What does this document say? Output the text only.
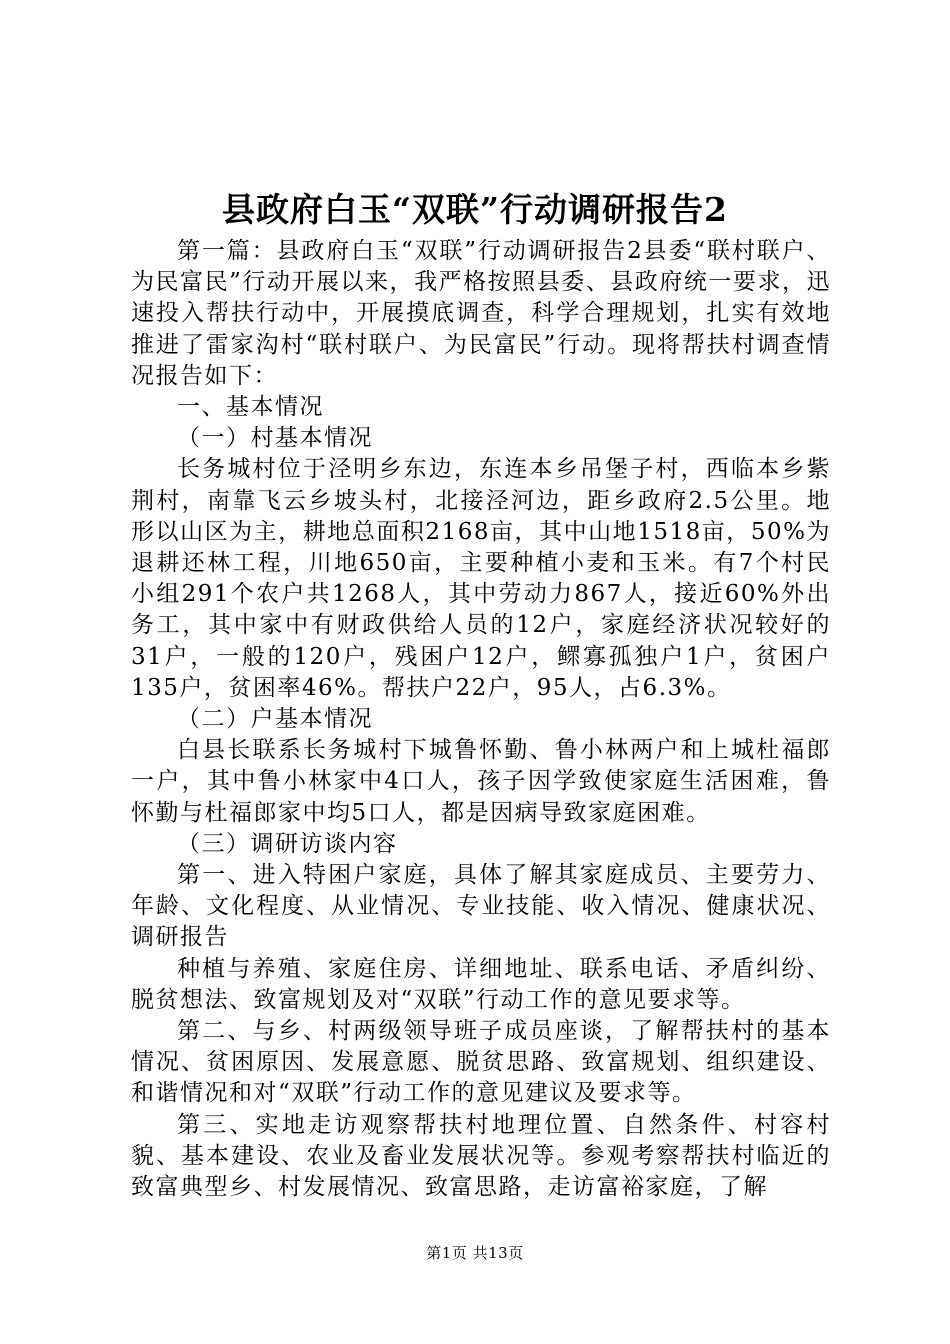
县政府白玉“双联”行动调研报告2

第一篇：县政府白玉“双联”行动调研报告2县委“联村联户、为民富民”行动开展以来，我严格按照县委、县政府统一要求，迅速投入帮扶行动中，开展摸底调查，科学合理规划，扎实有效地推进了雷家沟村“联村联户、为民富民”行动。现将帮扶村调查情况报告如下：

一、基本情况

（一）村基本情况

长务城村位于泾明乡东边，东连本乡吊堡子村，西临本乡紫荆村，南靠飞云乡坡头村，北接泾河边，距乡政府2.5公里。地形以山区为主，耕地总面积2168亩，其中山地1518亩，50%为退耕还林工程，川地650亩，主要种植小麦和玉米。有7个村民小组291个农户共1268人，其中劳动力867人，接近60%外出务工，其中家中有财政供给人员的12户，家庭经济状况较好的31户，一般的120户，残困户12户，鳏寡孤独户1户，贫困户135户，贫困率46%。帮扶户22户，95人，占6.3%。

（二）户基本情况

白县长联系长务城村下城鲁怀勤、鲁小林两户和上城杜福郎一户，其中鲁小林家中4口人，孩子因学致使家庭生活困难，鲁怀勤与杜福郎家中均5口人，都是因病导致家庭困难。

（三）调研访谈内容

第一、进入特困户家庭，具体了解其家庭成员、主要劳力、年龄、文化程度、从业情况、专业技能、收入情况、健康状况、调研报告

种植与养殖、家庭住房、详细地址、联系电话、矛盾纠纷、脱贫想法、致富规划及对“双联”行动工作的意见要求等。

第二、与乡、村两级领导班子成员座谈，了解帮扶村的基本情况、贫困原因、发展意愿、脱贫思路、致富规划、组织建设、和谐情况和对“双联”行动工作的意见建议及要求等。

第三、实地走访观察帮扶村地理位置、自然条件、村容村貌、基本建设、农业及畜业发展状况等。参观考察帮扶村临近的致富典型乡、村发展情况、致富思路，走访富裕家庭，了解

第1页 共13页
